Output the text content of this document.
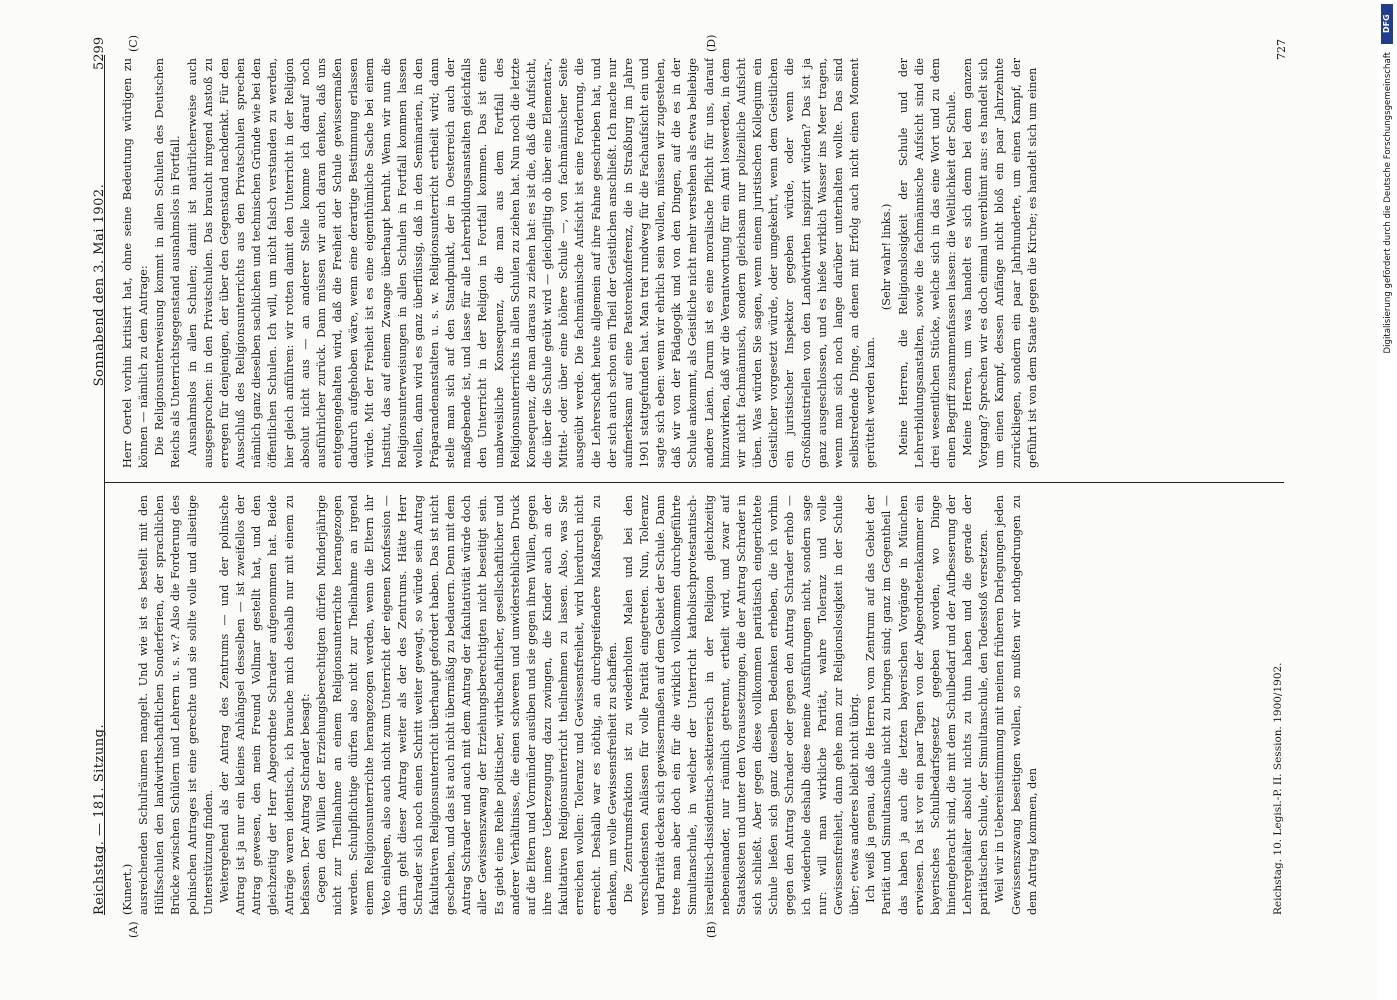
Reichstag. — 181. Sitzung.
Sonnabend den 3. Mai 1902.
5299
(A)	(B)
(C)	(D)

(Kunert.) ausreichenden Schulräumen mangelt. Und wie ist es bestellt mit den Hülfsschulen den landwirthschaftlichen Sonderferien, der sprachlichen Brücke zwischen Schülern und Lehrern u. s. w.? Also die Forderung des polnischen Antrages ist eine gerechte und sie sollte volle und allseitige Unterstützung finden. Weitergehend als der Antrag des Zentrums — und der polnische Antrag ist ja nur ein kleines Anhängsel desselben — ist zweifellos der Antrag gewesen, den mein Freund Vollmar gestellt hat, und den gleichzeitig der Herr Abgeordnete Schrader aufgenommen hat. Beide Anträge waren identisch, ich brauche mich deshalb nur mit einem zu befassen. Der Antrag Schrader besagt: Gegen den Willen der Erziehungsberechtigten dürfen Minderjährige nicht zur Theilnahme an einem Religionsunterrichte herangezogen werden. Schulpflichtige dürfen also nicht zur Theilnahme an irgend einem Religionsunterrichte herangezogen werden, wenn die Eltern ihr Veto einlegen, also auch nicht zum Unterricht der eigenen Konfession — darin geht dieser Antrag weiter als der des Zentrums. Hätte Herr Schrader sich noch einen Schritt weiter gewagt, so würde sein Antrag fakultativen Religionsunterricht überhaupt gefordert haben. Das ist nicht geschehen, und das ist auch nicht übermäßig zu bedauern. Denn mit dem Antrag Schrader und auch mit dem Antrag der fakultativität würde doch aller Gewissenszwang der Erziehungsberechtigten nicht beseitigt sein. Es giebt eine Reihe politischer, wirthschaftlicher, gesellschaftlicher und anderer Verhältnisse, die einen schweren und unwiderstehlichen Druck auf die Eltern und Vormünder ausüben und sie gegen ihren Willen, gegen ihre innere Ueberzeugung dazu zwingen, die Kinder auch an der fakultativen Religionsunterricht theilnehmen zu lassen. Also, was Sie erreichen wollen: Toleranz und Gewissensfreiheit, wird hierdurch nicht erreicht. Deshalb war es nöthig, an durchgreifendere Maßregeln zu denken, um volle Gewissensfreiheit zu schaffen. Die Zentrumsfraktion ist zu wiederholten Malen und bei den verschiedensten Anlässen für volle Parität eingetreten. Nun, Toleranz und Parität decken sich gewissermaßen auf dem Gebiet der Schule. Dann trete man aber doch ein für die wirklich vollkommen durchgeführte Simultanschule, in welcher der Unterricht katholischprotestantisch-israelitisch-dissidentisch-sektiererisch in der Religion gleichzeitig nebeneinander, nur räumlich getrennt, ertheilt wird, und zwar auf Staatskosten und unter den Voraussetzungen, die der Antrag Schrader in sich schließt. Aber gegen diese vollkommen paritätisch eingerichtete Schule ließen sich ganz dieselben Bedenken erheben, die ich vorhin gegen den Antrag Schrader oder gegen den Antrag Schrader erhob — ich wiederhole deshalb diese meine Ausführungen nicht, sondern sage nur: will man wirkliche Parität, wahre Toleranz und volle Gewissensfreiheit, dann gehe man zur Religionslosigkeit in der Schule über; etwas anderes bleibt nicht übrig. Ich weiß ja genau, daß die Herren vom Zentrum auf das Gebiet der Parität und Simultanschule nicht zu bringen sind; ganz im Gegentheil — das haben ja auch die letzten bayerischen Vorgänge in München erwiesen. Da ist vor ein paar Tagen von der Abgeordnetenkammer ein bayerisches Schulbedarfsgesetz gegeben worden, wo Dinge hineingebracht sind, die mit dem Schulbedarf und der Aufbesserung der Lehrergehälter absolut nichts zu thun haben und die gerade der paritätischen Schule, der Simultanschule, den Todesstoß versetzen. Weil wir in Uebereinstimmung mit meinen früheren Darlegungen jeden Gewissenszwang beseitigen wollen, so mußten wir nothgedrungen zu dem Antrag kommen, den	Reichstag. 10. Legisl.-P. II. Session. 1900/1902.

Herr Oertel vorhin kritisirt hat, ohne seine Bedeutung würdigen zu können — nämlich zu dem Antrage: Die Religionsunterweisung kommt in allen Schulen des Deutschen Reichs als Unterrichtsgegenstand ausnahmslos in Fortfall. Ausnahmslos in allen Schulen; damit ist natürlicherweise auch ausgesprochen: in den Privatschulen. Das braucht nirgend Anstoß zu erregen für denjenigen, der über den Gegenstand nachdenkt. Für den Ausschluß des Religionsunterrichts aus den Privatschulen sprechen nämlich ganz dieselben sachlichen und technischen Gründe wie bei den öffentlichen Schulen. Ich will, um nicht falsch verstanden zu werden, hier gleich anführen: wir rotten damit den Unterricht in der Religion absolut nicht aus — an anderer Stelle komme ich darauf noch ausführlicher zurück. Dann müssen wir auch daran denken, daß uns entgegengehalten wird, daß die Freiheit der Schule gewissermaßen dadurch aufgehoben wäre, wenn eine derartige Bestimmung erlassen würde. Mit der Freiheit ist es eine eigenthümliche Sache bei einem Institut, das auf einem Zwange überhaupt beruht. Wenn wir nun die Religionsunterweisungen in allen Schulen in Fortfall kommen lassen wollen, dann wird es ganz überflüssig, daß in den Seminarien, in den Präparandenanstalten u. s. w. Religionsunterricht ertheilt wird; dann stelle man sich auf den Standpunkt, der in Oesterreich auch der maßgebende ist, und lasse für alle Lehrerbildungsanstalten gleichfalls den Unterricht in der Religion in Fortfall kommen. Das ist eine unabweisliche Konsequenz, die man aus dem Fortfall des Religionsunterrichts in allen Schulen zu ziehen hat. Nun noch die letzte Konsequenz, die man daraus zu ziehen hat: es ist die, daß die Aufsicht, die über die Schule geübt wird — gleichgiltig ob über eine Elementar-, Mittel- oder über eine höhere Schule —, von fachmännischer Seite ausgeübt werde. Die fachmännische Aufsicht ist eine Forderung, die die Lehrerschaft heute allgemein auf ihre Fahne geschrieben hat, und der sich auch schon ein Theil der Geistlichen anschließt. Ich mache nur aufmerksam auf eine Pastorenkonferenz, die in Straßburg im Jahre 1901 stattgefunden hat. Man trat rundweg für die Fachaufsicht ein und sagte sich eben: wenn wir ehrlich sein wollen, müssen wir zugestehen, daß wir von der Pädagogik und von den Dingen, auf die es in der Schule ankommt, als Geistliche nicht mehr verstehen als etwa beliebige andere Laien. Darum ist es eine moralische Pflicht für uns, darauf hinzuwirken, daß wir die Verantwortung für ein Amt loswerden, in dem wir nicht fachmännisch, sondern gleichsam nur polizeiliche Aufsicht üben. Was würden Sie sagen, wenn einem juristischen Kollegium ein Geistlicher vorgesetzt würde, oder umgekehrt, wenn dem Geistlichen ein juristischer Inspektor gegeben würde, oder wenn die Großindustriellen von den Landwirthen inspizirt würden? Das ist ja ganz ausgeschlossen, und es hieße wirklich Wasser ins Meer tragen, wenn man sich noch lange darüber unterhalten wollte. Das sind selbstredende Dinge, an denen mit Erfolg auch nicht einen Moment gerüttelt werden kann.

(Sehr wahr! links.) Meine Herren, die Religionslosigkeit der Schule und der Lehrerbildungsanstalten, sowie die fachmännische Aufsicht sind die drei wesentlichen Stücke, welche sich in das eine Wort und zu dem einen Begriff zusammenfassen lassen: die Weltlichkeit der Schule. Meine Herren, um was handelt es sich denn bei dem ganzen Vorgang? Sprechen wir es doch einmal unverblümt aus: es handelt sich um einen Kampf, dessen Anfänge nicht bloß ein paar Jahrzehnte zurückliegen, sondern ein paar Jahrhunderte, um einen Kampf, der geführt ist von dem Staate gegen die Kirche; es handelt sich um einen

727
DFG
Digitalisierung gefördert durch die Deutsche Forschungsgemeinschaft
